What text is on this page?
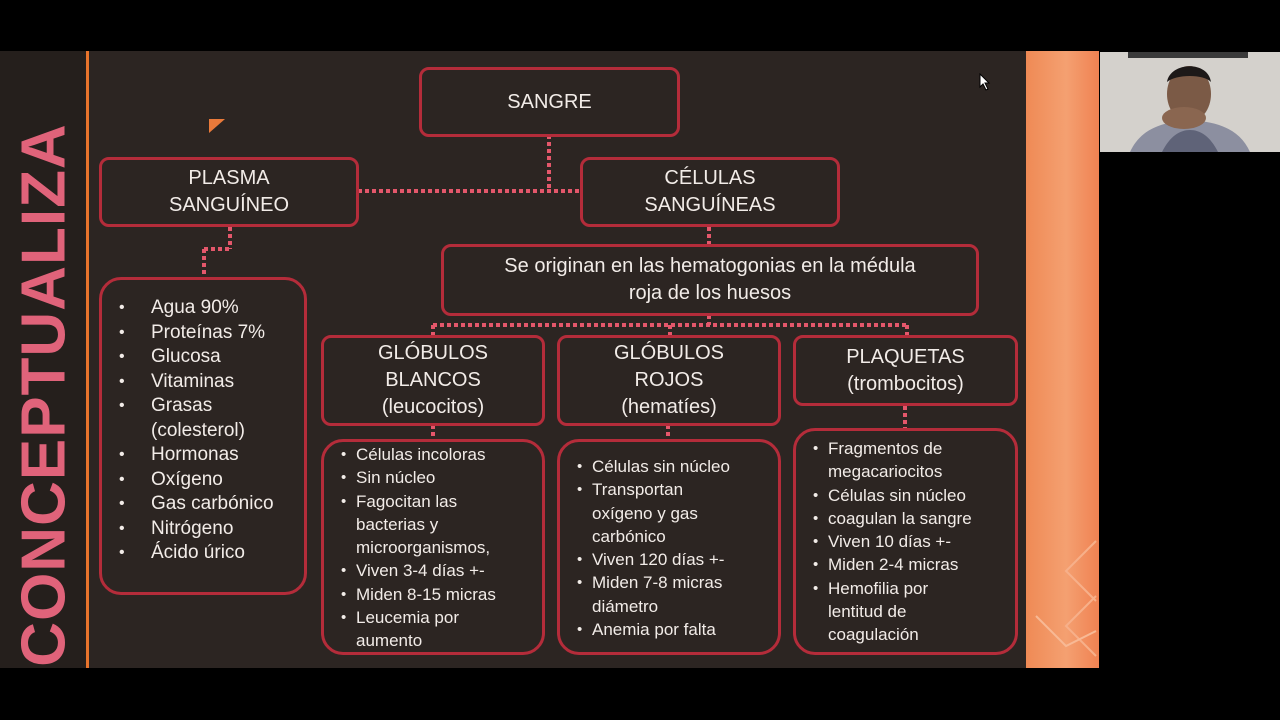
CONCEPTUALIZA
SANGRE
PLASMA
SANGUÍNEO
CÉLULAS
SANGUÍNEAS
Se originan en las hematogonias en la médula
roja de los huesos
• Agua 90%
• Proteínas 7%
• Glucosa
• Vitaminas
• Grasas
(colesterol)
• Hormonas
• Oxígeno
• Gas carbónico
• Nitrógeno
• Ácido úrico
GLÓBULOS
BLANCOS
(leucocitos)
GLÓBULOS
ROJOS
(hematíes)
PLAQUETAS
(trombocitos)
• Células incoloras
• Sin núcleo
• Fagocitan las
bacterias y
microorganismos,
• Viven 3-4 días +-
• Miden 8-15 micras
• Leucemia por
aumento
• Células sin núcleo
• Transportan
oxígeno y gas
carbónico
• Viven 120 días +-
• Miden 7-8 micras
diámetro
• Anemia por falta
• Fragmentos de
megacariocitos
• Células sin núcleo
• coagulan la sangre
• Viven 10 días +-
• Miden 2-4 micras
• Hemofilia por
lentitud de
coagulación
